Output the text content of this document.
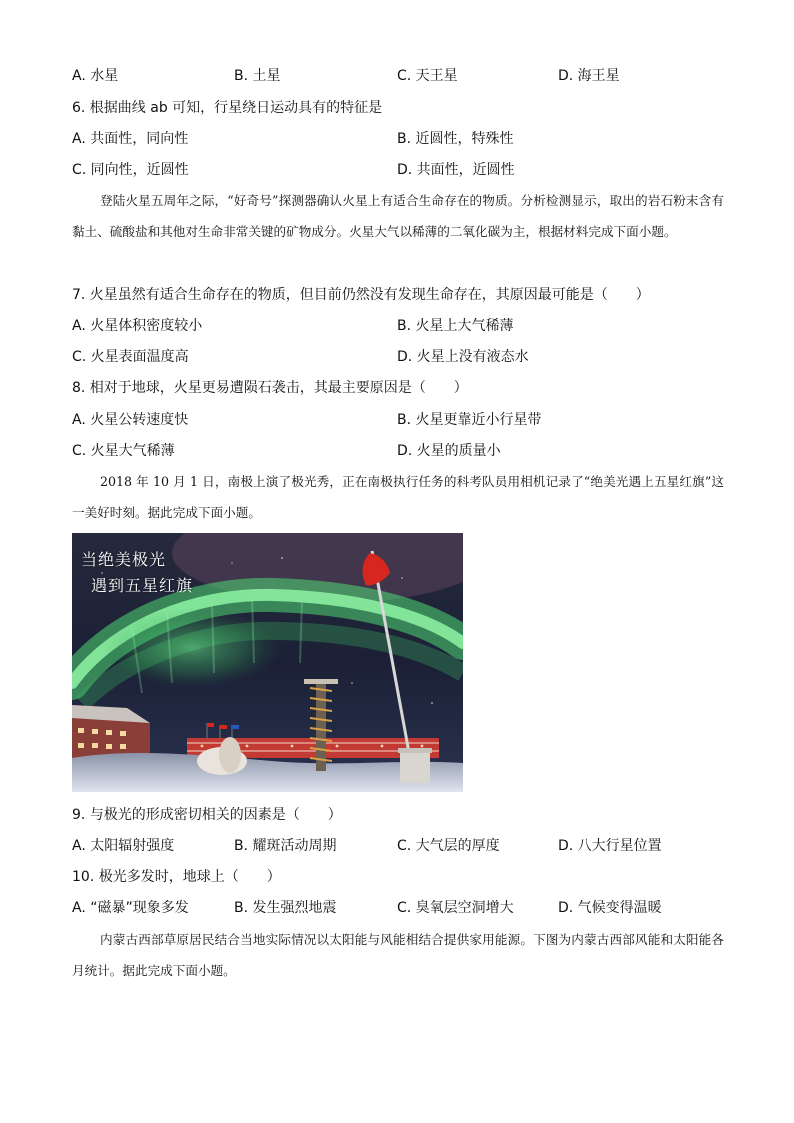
A. 水星	B. 土星	C. 天王星	D. 海王星
6. 根据曲线 ab 可知，行星绕日运动具有的特征是
A. 共面性，同向性	B. 近圆性，特殊性
C. 同向性，近圆性	D. 共面性，近圆性
登陆火星五周年之际，“好奇号”探测器确认火星上有适合生命存在的物质。分析检测显示，取出的岩石粉末含有黏土、硫酸盐和其他对生命非常关键的矿物成分。火星大气以稀薄的二氧化碳为主，根据材料完成下面小题。
7. 火星虽然有适合生命存在的物质，但目前仍然没有发现生命存在，其原因最可能是（　　）
A. 火星体积密度较小	B. 火星上大气稀薄
C. 火星表面温度高	D. 火星上没有液态水
8. 相对于地球，火星更易遭陨石袭击，其最主要原因是（　　）
A. 火星公转速度快	B. 火星更靠近小行星带
C. 火星大气稀薄	D. 火星的质量小
2018 年 10 月 1 日，南极上演了极光秀，正在南极执行任务的科考队员用相机记录了“绝美光遇上五星红旗”这一美好时刻。据此完成下面小题。
当绝美极光
遇到五星红旗
9. 与极光的形成密切相关的因素是（　　）
A. 太阳辐射强度	B. 耀斑活动周期	C. 大气层的厚度	D. 八大行星位置
10. 极光多发时，地球上（　　）
A. “磁暴”现象多发	B. 发生强烈地震	C. 臭氧层空洞增大	D. 气候变得温暖
内蒙古西部草原居民结合当地实际情况以太阳能与风能相结合提供家用能源。下图为内蒙古西部风能和太阳能各月统计。据此完成下面小题。
